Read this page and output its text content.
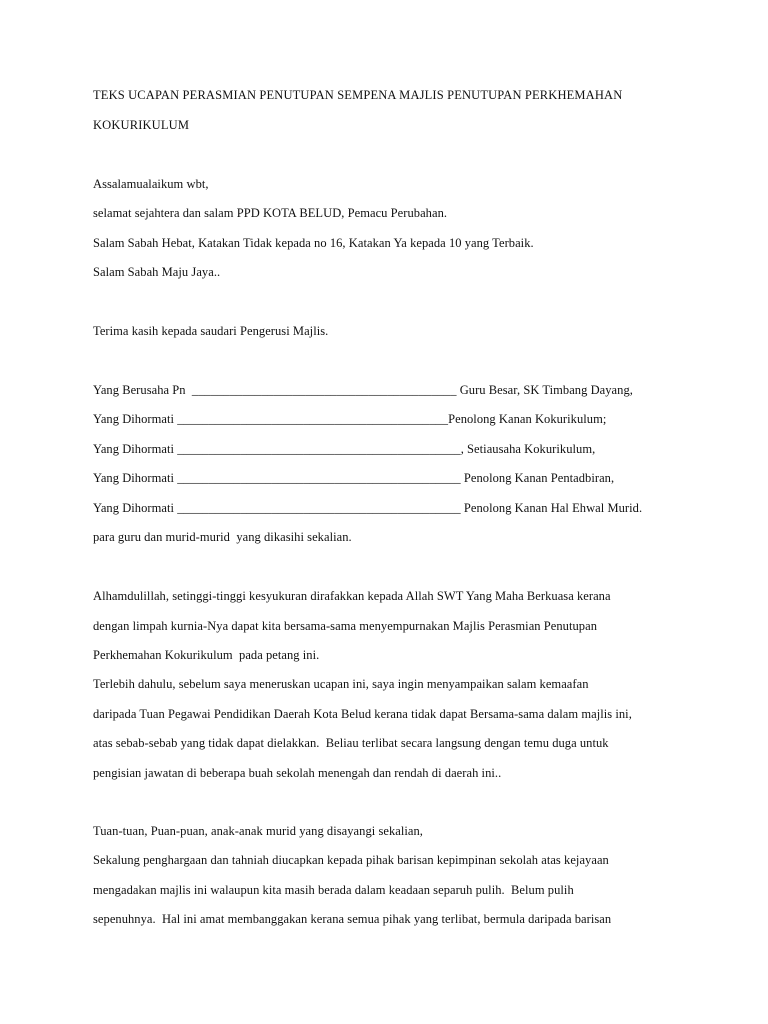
TEKS UCAPAN PERASMIAN PENUTUPAN SEMPENA MAJLIS PENUTUPAN PERKHEMAHAN
KOKURIKULUM
Assalamualaikum wbt,
selamat sejahtera dan salam PPD KOTA BELUD, Pemacu Perubahan.
Salam Sabah Hebat, Katakan Tidak kepada no 16, Katakan Ya kepada 10 yang Terbaik.
Salam Sabah Maju Jaya..
Terima kasih kepada saudari Pengerusi Majlis.
Yang Berusaha Pn  __________________________________________ Guru Besar, SK Timbang Dayang,
Yang Dihormati ___________________________________________Penolong Kanan Kokurikulum;
Yang Dihormati _____________________________________________, Setiausaha Kokurikulum,
Yang Dihormati _____________________________________________ Penolong Kanan Pentadbiran,
Yang Dihormati _____________________________________________ Penolong Kanan Hal Ehwal Murid.
para guru dan murid-murid  yang dikasihi sekalian.
Alhamdulillah, setinggi-tinggi kesyukuran dirafakkan kepada Allah SWT Yang Maha Berkuasa kerana
dengan limpah kurnia-Nya dapat kita bersama-sama menyempurnakan Majlis Perasmian Penutupan
Perkhemahan Kokurikulum  pada petang ini.
Terlebih dahulu, sebelum saya meneruskan ucapan ini, saya ingin menyampaikan salam kemaafan
daripada Tuan Pegawai Pendidikan Daerah Kota Belud kerana tidak dapat Bersama-sama dalam majlis ini,
atas sebab-sebab yang tidak dapat dielakkan.  Beliau terlibat secara langsung dengan temu duga untuk
pengisian jawatan di beberapa buah sekolah menengah dan rendah di daerah ini..
Tuan-tuan, Puan-puan, anak-anak murid yang disayangi sekalian,
Sekalung penghargaan dan tahniah diucapkan kepada pihak barisan kepimpinan sekolah atas kejayaan
mengadakan majlis ini walaupun kita masih berada dalam keadaan separuh pulih.  Belum pulih
sepenuhnya.  Hal ini amat membanggakan kerana semua pihak yang terlibat, bermula daripada barisan
